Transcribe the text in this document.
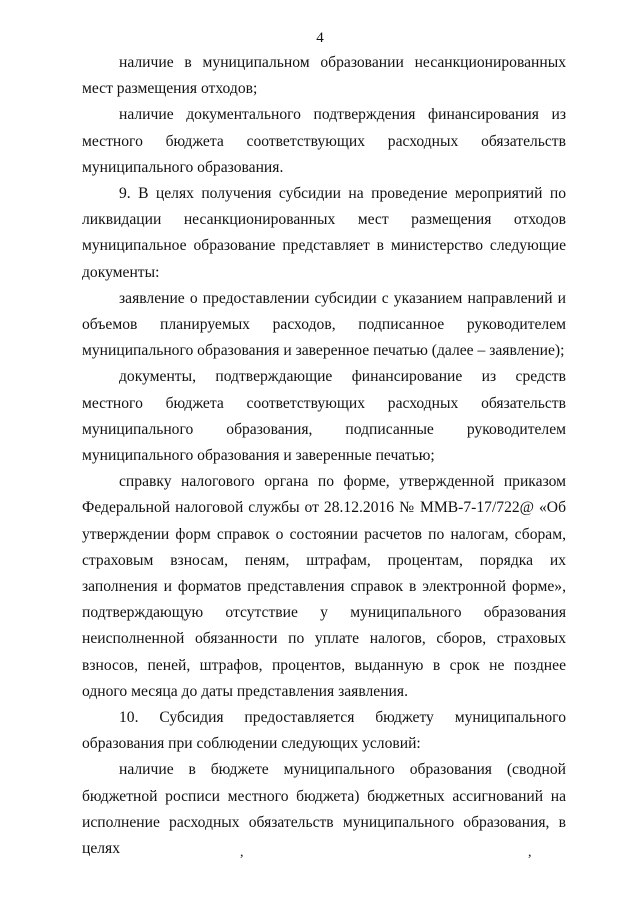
4

наличие в муниципальном образовании несанкционированных мест размещения отходов;

наличие документального подтверждения финансирования из местного бюджета соответствующих расходных обязательств муниципального образования.

9. В целях получения субсидии на проведение мероприятий по ликвидации несанкционированных мест размещения отходов муниципальное образование представляет в министерство следующие документы:

заявление о предоставлении субсидии с указанием направлений и объемов планируемых расходов, подписанное руководителем муниципального образования и заверенное печатью (далее – заявление);

документы, подтверждающие финансирование из средств местного бюджета соответствующих расходных обязательств муниципального образования, подписанные руководителем муниципального образования и заверенные печатью;

справку налогового органа по форме, утвержденной приказом Федеральной налоговой службы от 28.12.2016 № ММВ-7-17/722@ «Об утверждении форм справок о состоянии расчетов по налогам, сборам, страховым взносам, пеням, штрафам, процентам, порядка их заполнения и форматов представления справок в электронной форме», подтверждающую отсутствие у муниципального образования неисполненной обязанности по уплате налогов, сборов, страховых взносов, пеней, штрафов, процентов, выданную в срок не позднее одного месяца до даты представления заявления.

10. Субсидия предоставляется бюджету муниципального образования при соблюдении следующих условий:

наличие в бюджете муниципального образования (сводной бюджетной росписи местного бюджета) бюджетных ассигнований на исполнение расходных обязательств муниципального образования, в целях	,	,
